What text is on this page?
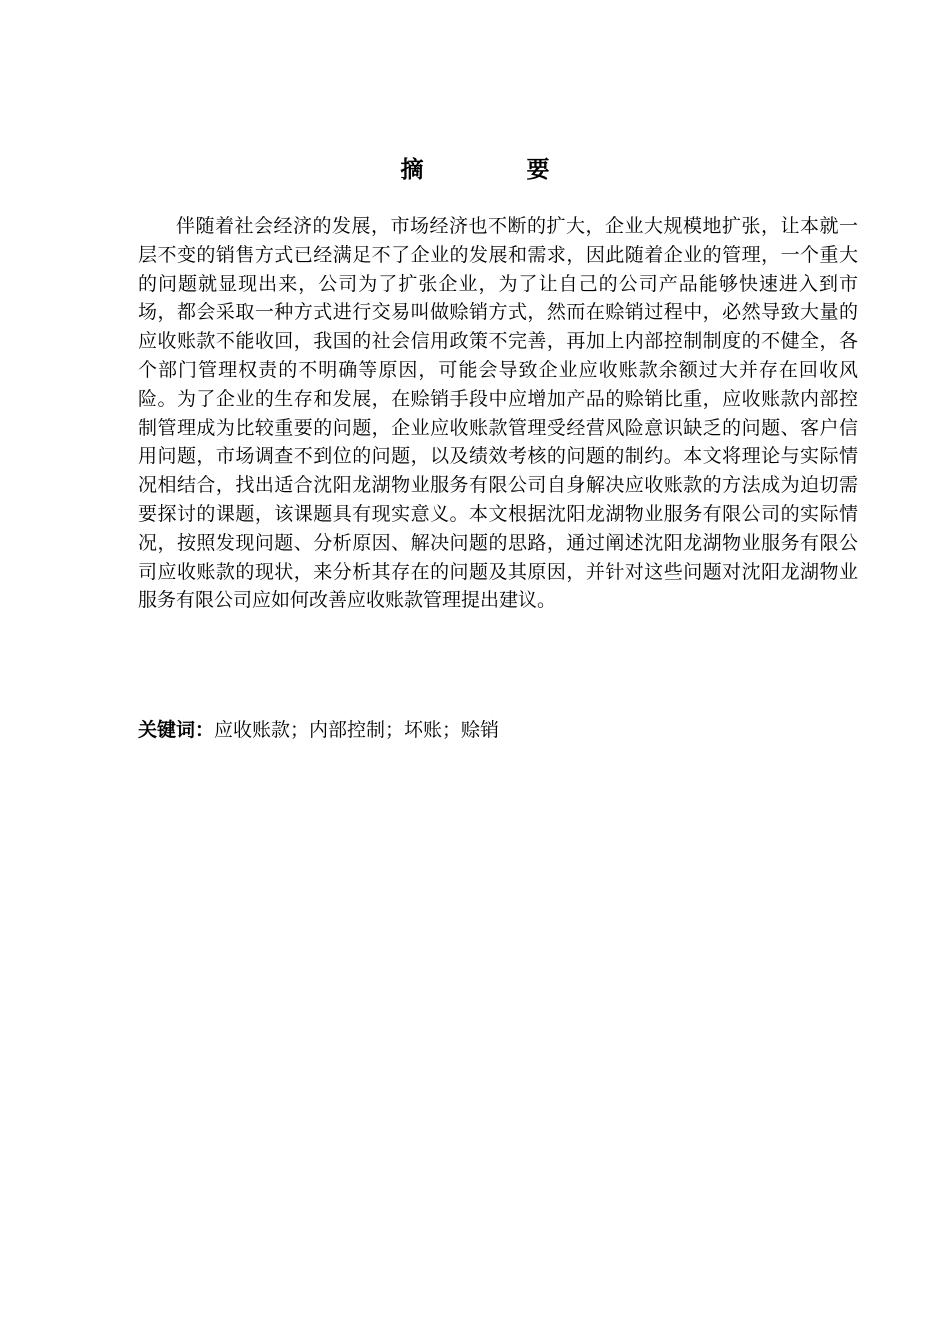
摘　要

伴随着社会经济的发展，市场经济也不断的扩大，企业大规模地扩张，让本就一层不变的销售方式已经满足不了企业的发展和需求，因此随着企业的管理，一个重大的问题就显现出来，公司为了扩张企业，为了让自己的公司产品能够快速进入到市场，都会采取一种方式进行交易叫做赊销方式，然而在赊销过程中，必然导致大量的应收账款不能收回，我国的社会信用政策不完善，再加上内部控制制度的不健全，各个部门管理权责的不明确等原因，可能会导致企业应收账款余额过大并存在回收风险。为了企业的生存和发展，在赊销手段中应增加产品的赊销比重，应收账款内部控制管理成为比较重要的问题，企业应收账款管理受经营风险意识缺乏的问题、客户信用问题，市场调查不到位的问题，以及绩效考核的问题的制约。本文将理论与实际情况相结合，找出适合沈阳龙湖物业服务有限公司自身解决应收账款的方法成为迫切需要探讨的课题，该课题具有现实意义。本文根据沈阳龙湖物业服务有限公司的实际情况，按照发现问题、分析原因、解决问题的思路，通过阐述沈阳龙湖物业服务有限公司应收账款的现状，来分析其存在的问题及其原因，并针对这些问题对沈阳龙湖物业服务有限公司应如何改善应收账款管理提出建议。

关键词：应收账款；内部控制；坏账；赊销
